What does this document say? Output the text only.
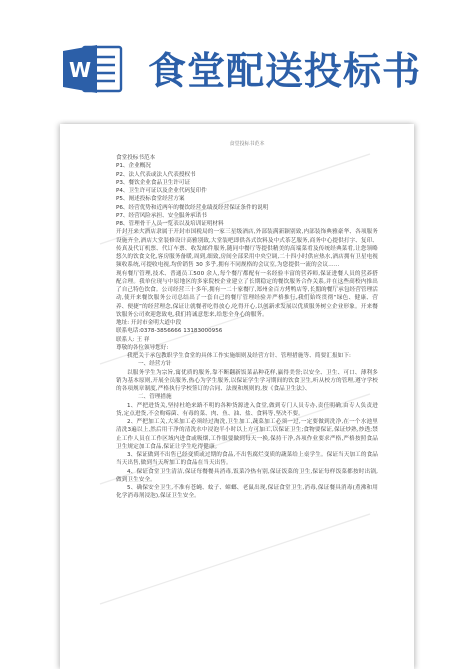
W 食堂配送投标书
食堂投标书范本
食堂投标书范本
P1、企业概况
P2、法人代表或法人代表授权书
P3、餐饮企业食品卫生许可证
P4、卫生许可证以及企业代码复印件
P5、阐述投标食堂经营方案
P6、经营优势和近两年的餐饮经营业绩及经营保证条件的说明
P7、经营风险承担、安全服务承诺书
P8、管理骨干人员一览表以及培训证明材料
开封开来大酒店隶属于开封市国税局的一家三星级酒店,外部装满新颖别致,内部装饰典雅豪华、各项服务设施齐全,酒店大堂装修设计高雅别致,大堂装吧即供各式饮料及中式茶艺服务,商务中心提供打字、复印、传真及代订机票、代订车票、收发邮件服务,随同中餐厅等提供精美的高端菜肴及传统经典菜肴,让您领略悠久的饮食文化,客房服务备暖,周到,细致,房间全部采用中央空调,二十四小时供应热水,酒店拥有卫星电视频收系统,可提收电视,均价销售 30 多乎,拥有不同规格的会议室,为您提供一流的会议……
现有餐厅管理,技术、普通员工500 余人,每个餐厅都配有一名经验丰富的营养师,保证进餐人员的营养搭配合理。我单位现与中原地区的多家院校企业建立了长期稳定的餐饮服务合作关系,并在这些高校内推出了自己特色饮食。公司经营三十多年,拥有一二十家餐厅,郑州金百方烤鸭店等,长期的餐厅承包经营管理活动,使开来餐饮服务公司总结出了一套自己的餐厅管理经验并严格推行,我们始终贯彻“绿色、健康、营养、便捷”的经营理念,保证让就餐者吃得放心,吃得开心,以创新求发展以优质服务树立企业形象。开来餐饮服务公司欢迎您致电,我们将诚意您来,给您全身心的服务。
地址: 开封市金明大道中段
联系电话:0378-3856666 13183000956
联系人: 王 祥
尊敬的各位领导您好:
我把关于承包教职学生食堂的具体工作实施细则及经营方针、管理措施等、简要汇报如下:
一、经营方针
以服务学生为宗旨,寓优质的服务,靠不断翻新饭菜品种花样,赢得美誉;以安全、卫生、可口、薄利多销为基本原则,开展全员服务,热心为学生服务,以保证学生学习期间的饮食卫生,听从校方的管理,遵守学校的各项规章制度,严格执行学校签订的合同、法规和规则的,按《食品卫生法》、
二、管理措施
1、严把进货关,坚持杜绝来路不明的各种货源进入食堂,做到专门人员专办,责任明确,由专人负责进货,定点进货,不会购霉菌、有毒的菜、肉、鱼、油、盐、食料等,坚决不要。
2、严把加工关,大米加工必须经过淘洗,卫生加工,蔬菜加工必须一过,一定要做到洗净,在一个水池里清洗3遍以上,然后用干净的清洗水中浸泡半小时以上方可加工,以保证卫生;食物要保证,保证炒熟,炒透;禁止工作人员在工作区域内进食或吸烟,工作服要做到每天一换,保持干净,各项作业要求严格,严格按照食品卫生规定加工食品,保证让学生吃得健康。
3、保证做到不出售已经变质或过期的食品,不出售腐烂变质的蔬菜给上桌学生。保证当天加工的食品当天出售,做到当天所加工的食品在当天出售。
4、保证食堂卫生清洁,保证每餐餐具消毒,饭菜冷热有别,保证饭菜的卫生,保证每样饭菜都按时出锅,做到卫生安全。
5、确保安全卫生,不准有苍蝇、蚊子、蟑螂、老鼠出现,保证食堂卫生,消毒,保证餐具消毒(煮沸和用化学消毒剂浸泡),保证卫生安全。
